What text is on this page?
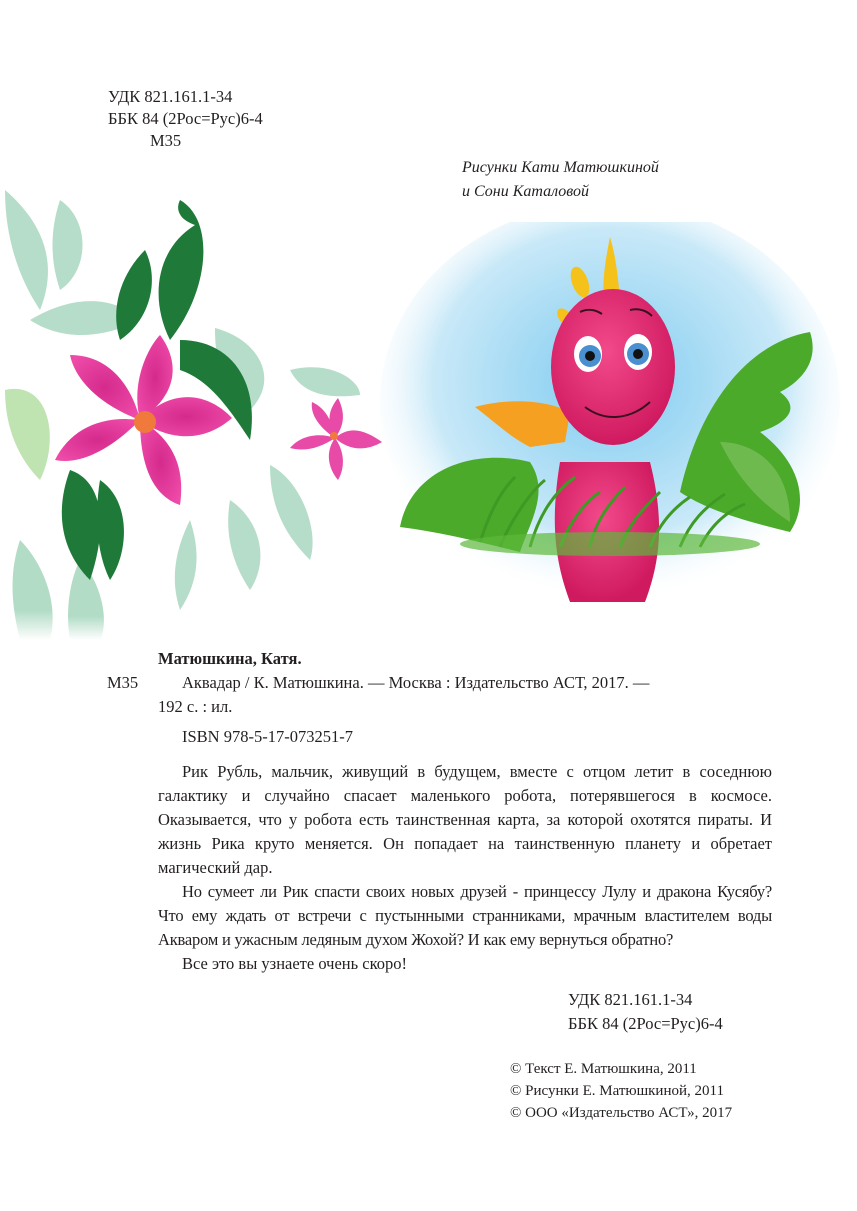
УДК 821.161.1-34
ББК 84 (2Рос=Рус)6-4
М35
Рисунки Кати Матюшкиной
и Сони Каталовой
Матюшкина, Катя.
М35	Аквадар / К. Матюшкина. — Москва : Издательство АСТ, 2017. —
192 с. : ил.
ISBN 978-5-17-073251-7

Рик Рубль, мальчик, живущий в будущем, вместе с отцом летит в соседнюю галактику и случайно спасает маленького робота, потерявшегося в космосе. Оказывается, что у робота есть таинственная карта, за которой охотятся пираты. И жизнь Рика круто меняется. Он попадает на таинственную планету и обретает магический дар.

Но сумеет ли Рик спасти своих новых друзей - принцессу Лулу и дракона Кусябу? Что ему ждать от встречи с пустынными странниками, мрачным властителем воды Акваром и ужасным ледяным духом Жохой? И как ему вернуться обратно?

Все это вы узнаете очень скоро!

УДК 821.161.1-34
ББК 84 (2Рос=Рус)6-4
© Текст Е. Матюшкина, 2011
© Рисунки Е. Матюшкиной, 2011
© ООО «Издательство АСТ», 2017
